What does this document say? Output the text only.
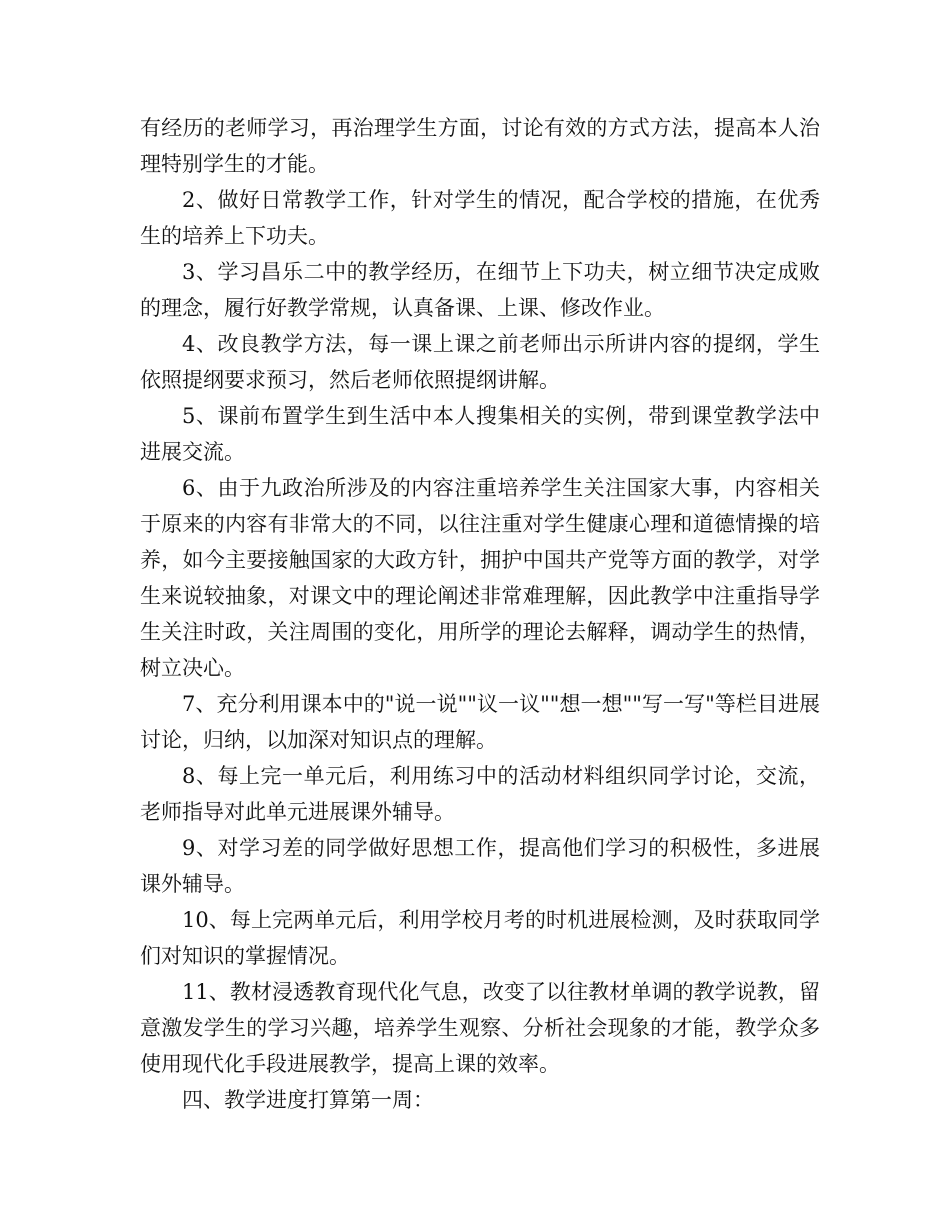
有经历的老师学习，再治理学生方面，讨论有效的方式方法，提高本人治理特别学生的才能。

2、做好日常教学工作，针对学生的情况，配合学校的措施，在优秀生的培养上下功夫。

3、学习昌乐二中的教学经历，在细节上下功夫，树立细节决定成败的理念，履行好教学常规，认真备课、上课、修改作业。

4、改良教学方法，每一课上课之前老师出示所讲内容的提纲，学生依照提纲要求预习，然后老师依照提纲讲解。

5、课前布置学生到生活中本人搜集相关的实例，带到课堂教学法中进展交流。

6、由于九政治所涉及的内容注重培养学生关注国家大事，内容相关于原来的内容有非常大的不同，以往注重对学生健康心理和道德情操的培养，如今主要接触国家的大政方针，拥护中国共产党等方面的教学，对学生来说较抽象，对课文中的理论阐述非常难理解，因此教学中注重指导学生关注时政，关注周围的变化，用所学的理论去解释，调动学生的热情，树立决心。

7、充分利用课本中的"说一说""议一议""想一想""写一写"等栏目进展讨论，归纳，以加深对知识点的理解。

8、每上完一单元后，利用练习中的活动材料组织同学讨论，交流，老师指导对此单元进展课外辅导。

9、对学习差的同学做好思想工作，提高他们学习的积极性，多进展课外辅导。

10、每上完两单元后，利用学校月考的时机进展检测，及时获取同学们对知识的掌握情况。

11、教材浸透教育现代化气息，改变了以往教材单调的教学说教，留意激发学生的学习兴趣，培养学生观察、分析社会现象的才能，教学众多使用现代化手段进展教学，提高上课的效率。

四、教学进度打算第一周：
